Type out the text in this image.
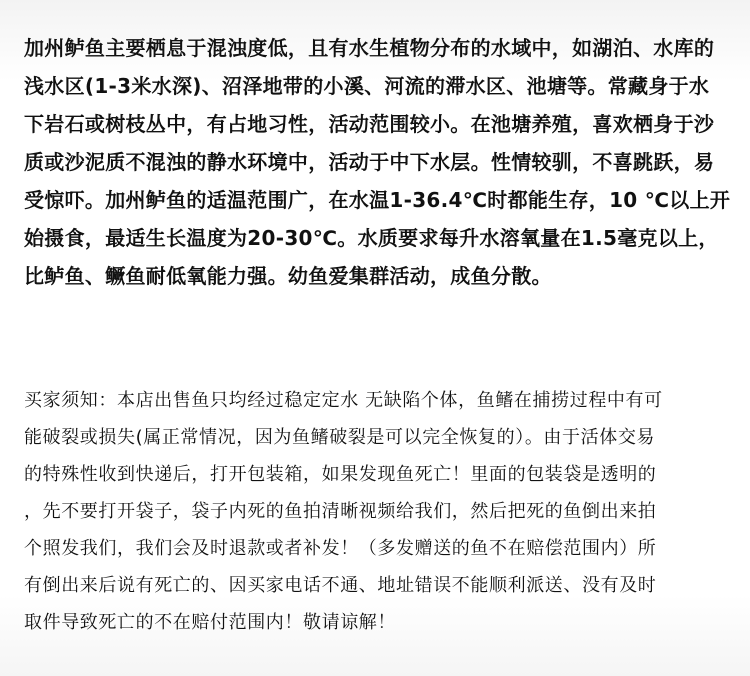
加州鲈鱼主要栖息于混浊度低，且有水生植物分布的水域中，如湖泊、水库的
浅水区(1-3米水深)、沼泽地带的小溪、河流的滞水区、池塘等。常藏身于水
下岩石或树枝丛中，有占地习性，活动范围较小。在池塘养殖，喜欢栖身于沙
质或沙泥质不混浊的静水环境中，活动于中下水层。性情较驯，不喜跳跃，易
受惊吓。加州鲈鱼的适温范围广，在水温1-36.4℃时都能生存，10 ℃以上开
始摄食，最适生长温度为20-30℃。水质要求每升水溶氧量在1.5毫克以上，
比鲈鱼、鳜鱼耐低氧能力强。幼鱼爱集群活动，成鱼分散。
买家须知：本店出售鱼只均经过稳定定水 无缺陷个体，鱼鳍在捕捞过程中有可
能破裂或损失(属正常情况，因为鱼鳍破裂是可以完全恢复的）。由于活体交易
的特殊性收到快递后，打开包装箱，如果发现鱼死亡！里面的包装袋是透明的
，先不要打开袋子，袋子内死的鱼拍清晰视频给我们，然后把死的鱼倒出来拍
个照发我们，我们会及时退款或者补发！（多发赠送的鱼不在赔偿范围内）所
有倒出来后说有死亡的、因买家电话不通、地址错误不能顺利派送、没有及时
取件导致死亡的不在赔付范围内！敬请谅解！
